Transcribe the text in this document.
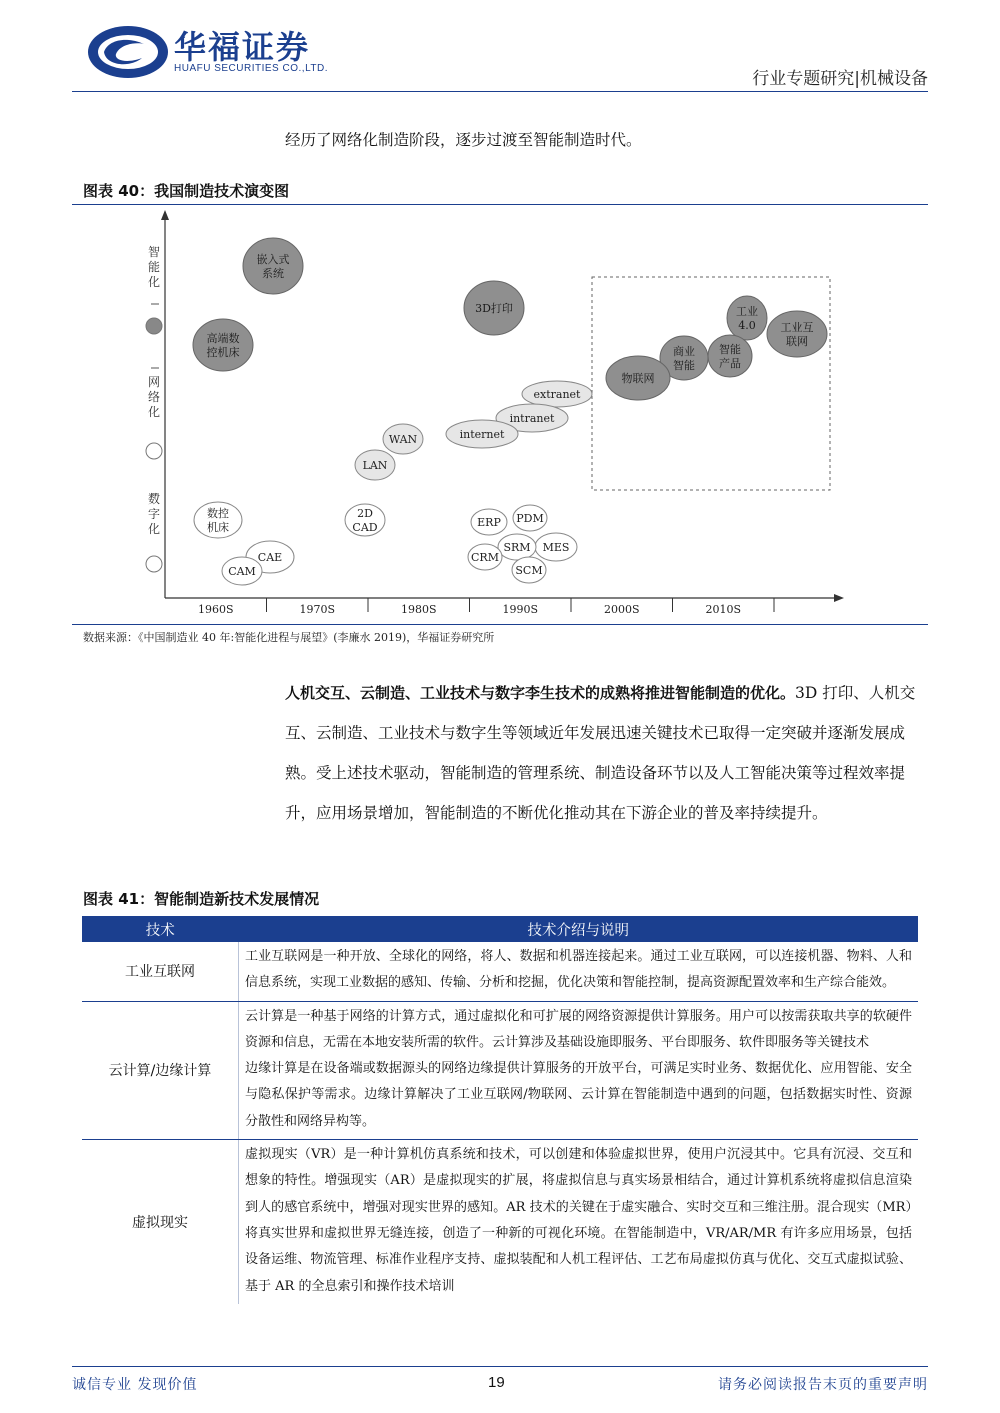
华福证券
HUAFU SECURITIES CO.,LTD.
行业专题研究|机械设备
经历了网络化制造阶段，逐步过渡至智能制造时代。
图表 40：我国制造技术演变图
1960S	1970S	1980S	1990S	2000S	2010S
智
能
化
网
络
化
数
字
化
嵌入式
系统
高端数
控机床
3D打印	工业
4.0 工业互
联网
商业
智能
智能
产品
物联网
extranet
intranet
internet
WAN
LAN
数控
机床
CAE
CAM
2D
CAD	ERP PDM
MES
SRM
CRM
SCM
数据来源：《中国制造业 40 年:智能化进程与展望》(李廉水 2019)，华福证券研究所
人机交互、云制造、工业技术与数字李生技术的成熟将推进智能制造的优化。3D 打印、人机交互、云制造、工业技术与数字生等领域近年发展迅速关键技术已取得一定突破并逐渐发展成熟。受上述技术驱动，智能制造的管理系统、制造设备环节以及人工智能决策等过程效率提升，应用场景增加，智能制造的不断优化推动其在下游企业的普及率持续提升。
图表 41：智能制造新技术发展情况
技术	技术介绍与说明
工业互联网	工业互联网是一种开放、全球化的网络，将人、数据和机器连接起来。通过工业互联网，可以连接机器、物料、人和信息系统，实现工业数据的感知、传输、分析和挖掘，优化决策和智能控制，提高资源配置效率和生产综合能效。

云计算/边缘计算	云计算是一种基于网络的计算方式，通过虚拟化和可扩展的网络资源提供计算服务。用户可以按需获取共享的软硬件资源和信息，无需在本地安装所需的软件。云计算涉及基础设施即服务、平台即服务、软件即服务等关键技术

边缘计算是在设备端或数据源头的网络边缘提供计算服务的开放平台，可满足实时业务、数据优化、应用智能、安全与隐私保护等需求。边缘计算解决了工业互联网/物联网、云计算在智能制造中遇到的问题，包括数据实时性、资源分散性和网络异构等。

虚拟现实	虚拟现实（VR）是一种计算机仿真系统和技术，可以创建和体验虚拟世界，使用户沉浸其中。它具有沉浸、交互和想象的特性。增强现实（AR）是虚拟现实的扩展，将虚拟信息与真实场景相结合，通过计算机系统将虚拟信息渲染到人的感官系统中，增强对现实世界的感知。AR 技术的关键在于虚实融合、实时交互和三维注册。混合现实（MR）将真实世界和虚拟世界无缝连接，创造了一种新的可视化环境。在智能制造中，VR/AR/MR 有许多应用场景，包括设备运维、物流管理、标准作业程序支持、虚拟装配和人机工程评估、工艺布局虚拟仿真与优化、交互式虚拟试验、基于 AR 的全息索引和操作技术培训

诚信专业 发现价值	19	请务必阅读报告末页的重要声明
